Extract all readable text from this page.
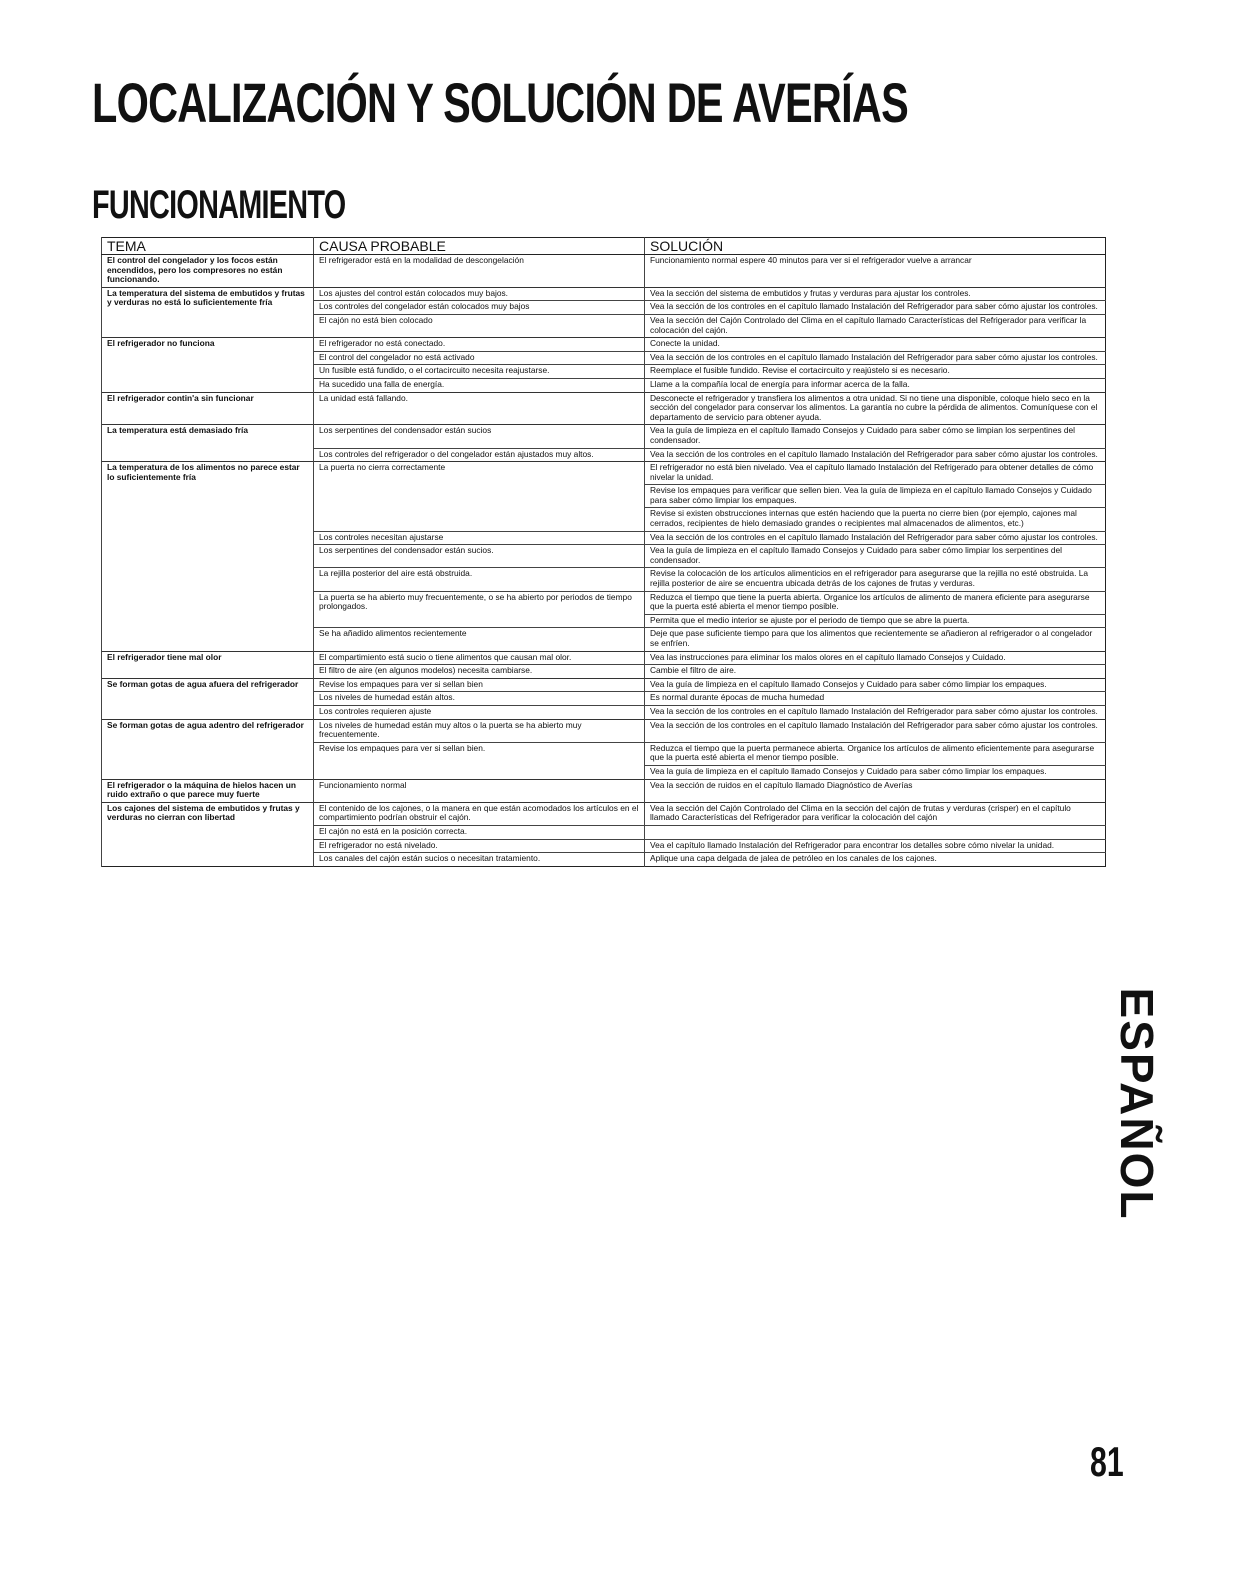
LOCALIZACIÓN Y SOLUCIÓN DE AVERÍAS
FUNCIONAMIENTO
TEMA	CAUSA PROBABLE	SOLUCIÓN
El control del congelador y los focos están encendidos, pero los compresores no están funcionando.	El refrigerador está en la modalidad de descongelación	Funcionamiento normal espere 40 minutos para ver si el refrigerador vuelve a arrancar
La temperatura del sistema de embutidos y frutas y verduras no está lo suficientemente fría	Los ajustes del control están colocados muy bajos.	Vea la sección del sistema de embutidos y frutas y verduras para ajustar los controles.
	Los controles del congelador están colocados muy bajos	Vea la sección de los controles en el capítulo llamado Instalación del Refrigerador para saber cómo ajustar los controles.
	El cajón no está bien colocado	Vea la sección del Cajón Controlado del Clima en el capítulo llamado Características del Refrigerador para verificar la colocación del cajón.
El refrigerador no funciona	El refrigerador no está conectado.	Conecte la unidad.
	El control del congelador no está activado	Vea la sección de los controles en el capítulo llamado Instalación del Refrigerador para saber cómo ajustar los controles.
	Un fusible está fundido, o el cortacircuito necesita reajustarse.	Reemplace el fusible fundido. Revise el cortacircuito y reajústelo si es necesario.
	Ha sucedido una falla de energía.	Llame a la compañía local de energía para informar acerca de la falla.
El refrigerador contin'a sin funcionar	La unidad está fallando.	Desconecte el refrigerador y transfiera los alimentos a otra unidad. Si no tiene una disponible, coloque hielo seco en la sección del congelador para conservar los alimentos. La garantía no cubre la pérdida de alimentos. Comuníquese con el departamento de servicio para obtener ayuda.
La temperatura está demasiado fría	Los serpentines del condensador están sucios	Vea la guía de limpieza en el capítulo llamado Consejos y Cuidado para saber cómo se limpian los serpentines del condensador.
	Los controles del refrigerador o del congelador están ajustados muy altos.	Vea la sección de los controles en el capítulo llamado Instalación del Refrigerador para saber cómo ajustar los controles.
La temperatura de los alimentos no parece estar lo suficientemente fría	La puerta no cierra correctamente	El refrigerador no está bien nivelado. Vea el capítulo llamado Instalación del Refrigerado para obtener detalles de cómo nivelar la unidad.
		Revise los empaques para verificar que sellen bien. Vea la guía de limpieza en el capítulo llamado Consejos y Cuidado para saber cómo limpiar los empaques.
		Revise si existen obstrucciones internas que estén haciendo que la puerta no cierre bien (por ejemplo, cajones mal cerrados, recipientes de hielo demasiado grandes o recipientes mal almacenados de alimentos, etc.)
	Los controles necesitan ajustarse	Vea la sección de los controles en el capítulo llamado Instalación del Refrigerador para saber cómo ajustar los controles.
	Los serpentines del condensador están sucios.	Vea la guía de limpieza en el capítulo llamado Consejos y Cuidado para saber cómo limpiar los serpentines del condensador.
	La rejilla posterior del aire está obstruida.	Revise la colocación de los artículos alimenticios en el refrigerador para asegurarse que la rejilla no esté obstruida. La rejilla posterior de aire se encuentra ubicada detrás de los cajones de frutas y verduras.
	La puerta se ha abierto muy frecuentemente, o se ha abierto por periodos de tiempo prolongados.	Reduzca el tiempo que tiene la puerta abierta. Organice los artículos de alimento de manera eficiente para asegurarse que la puerta esté abierta el menor tiempo posible.
		Permita que el medio interior se ajuste por el periodo de tiempo que se abre la puerta.
	Se ha añadido alimentos recientemente	Deje que pase suficiente tiempo para que los alimentos que recientemente se añadieron al refrigerador o al congelador se enfríen.
El refrigerador tiene mal olor	El compartimiento está sucio o tiene alimentos que causan mal olor.	Vea las instrucciones para eliminar los malos olores en el capítulo llamado Consejos y Cuidado.
	El filtro de aire (en algunos modelos) necesita cambiarse.	Cambie el filtro de aire.
Se forman gotas de agua afuera del refrigerador	Revise los empaques para ver si sellan bien	Vea la guía de limpieza en el capítulo llamado Consejos y Cuidado para saber cómo limpiar los empaques.
	Los niveles de humedad están altos.	Es normal durante épocas de mucha humedad
	Los controles requieren ajuste	Vea la sección de los controles en el capítulo llamado Instalación del Refrigerador para saber cómo ajustar los controles.
Se forman gotas de agua adentro del refrigerador	Los niveles de humedad están muy altos o la puerta se ha abierto muy frecuentemente.	Vea la sección de los controles en el capítulo llamado Instalación del Refrigerador para saber cómo ajustar los controles.
	Revise los empaques para ver si sellan bien.	Reduzca el tiempo que la puerta permanece abierta. Organice los artículos de alimento eficientemente para asegurarse que la puerta esté abierta el menor tiempo posible.
		Vea la guía de limpieza en el capítulo llamado Consejos y Cuidado para saber cómo limpiar los empaques.
El refrigerador o la máquina de hielos hacen un ruido extraño o que parece muy fuerte	Funcionamiento normal	Vea la sección de ruidos en el capítulo llamado Diagnóstico de Averías
Los cajones del sistema de embutidos y frutas y verduras no cierran con libertad	El contenido de los cajones, o la manera en que están acomodados los artículos en el compartimiento podrían obstruir el cajón.	Vea la sección del Cajón Controlado del Clima en la sección del cajón de frutas y verduras (crisper) en el capítulo llamado Características del Refrigerador para verificar la colocación del cajón
	El cajón no está en la posición correcta.	
	El refrigerador no está nivelado.	Vea el capítulo llamado Instalación del Refrigerador para encontrar los detalles sobre cómo nivelar la unidad.
	Los canales del cajón están sucios o necesitan tratamiento.	Aplique una capa delgada de jalea de petróleo en los canales de los cajones.
ESPAÑOL
81
